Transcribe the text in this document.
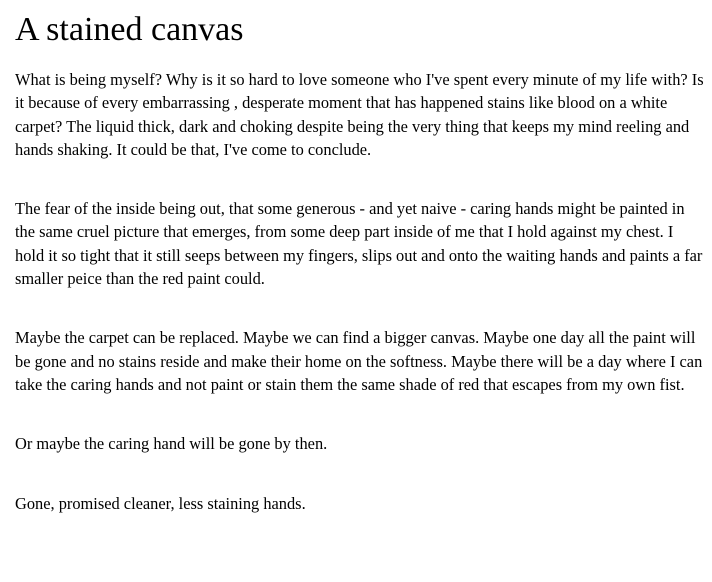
A stained canvas

What is being myself? Why is it so hard to love someone who I've spent every minute of my life with? Is it because of every embarrassing , desperate moment that has happened stains like blood on a white carpet? The liquid thick, dark and choking despite being the very thing that keeps my mind reeling and hands shaking. It could be that, I've come to conclude.

The fear of the inside being out, that some generous - and yet naive - caring hands might be painted in the same cruel picture that emerges, from some deep part inside of me that I hold against my chest. I hold it so tight that it still seeps between my fingers, slips out and onto the waiting hands and paints a far smaller peice than the red paint could.

Maybe the carpet can be replaced. Maybe we can find a bigger canvas. Maybe one day all the paint will be gone and no stains reside and make their home on the softness. Maybe there will be a day where I can take the caring hands and not paint or stain them the same shade of red that escapes from my own fist.

Or maybe the caring hand will be gone by then.

Gone, promised cleaner, less staining hands.
